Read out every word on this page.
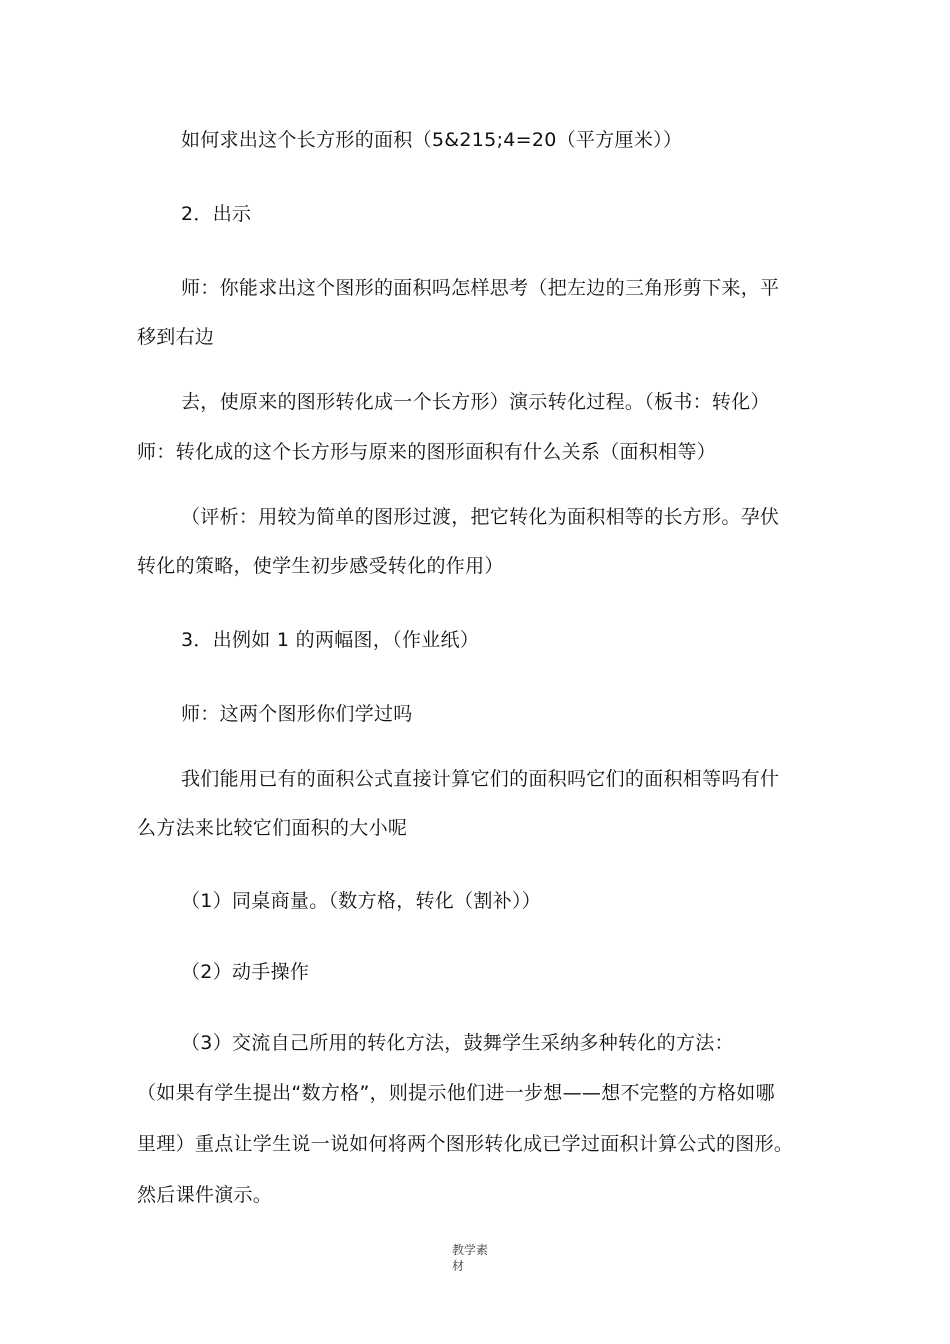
如何求出这个长方形的面积（5&215;4=20（平方厘米））
2．出示
师：你能求出这个图形的面积吗怎样思考（把左边的三角形剪下来，平
移到右边
去，使原来的图形转化成一个长方形）演示转化过程。（板书：转化）
师：转化成的这个长方形与原来的图形面积有什么关系（面积相等）
（评析：用较为简单的图形过渡，把它转化为面积相等的长方形。孕伏
转化的策略，使学生初步感受转化的作用）
3．出例如 1 的两幅图，（作业纸）
师：这两个图形你们学过吗
我们能用已有的面积公式直接计算它们的面积吗它们的面积相等吗有什
么方法来比较它们面积的大小呢
（1）同桌商量。（数方格，转化（割补））
（2）动手操作
（3）交流自己所用的转化方法，鼓舞学生采纳多种转化的方法：
（如果有学生提出“数方格”，则提示他们进一步想——想不完整的方格如哪
里理）重点让学生说一说如何将两个图形转化成已学过面积计算公式的图形。
然后课件演示。
教学素
材
